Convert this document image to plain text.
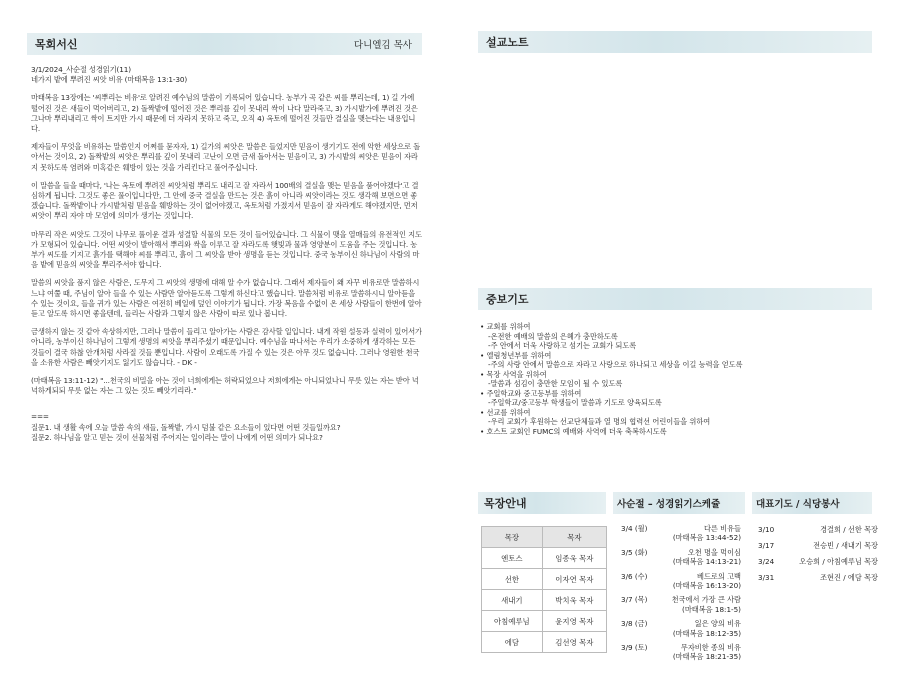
목회서신	다니엘김 목사
3/1/2024_사순절 성경읽기(11)
네가지 밭에 뿌려진 씨앗 비유 (마태복음 13:1-30)

마태복음 13장에는 '씨뿌리는 비유'로 알려진 예수님의 말씀이 기록되어 있습니다. 농부가 곡 같은 씨를 뿌리는데, 1) 길 가에 떨어진 것은 새들이 먹어버리고, 2) 돌짝밭에 떨어진 것은 뿌리를 깊이 못내리 싹이 나다 말라죽고, 3) 가시밭가에 뿌려진 것은 그나마 뿌리내리고 싹이 트지만 가시 때문에 더 자라지 못하고 죽고, 오직 4) 옥토에 떨어진 것들만 결실을 맺는다는 내용입니다.

제자들이 무엇을 비유하는 말씀인지 어쩌를 묻자자, 1) 길가의 씨앗은 말씀은 들었지만 믿음이 생기기도 전에 악한 세상으로 돌아서는 것이요, 2) 돌짝밭의 씨앗은 뿌리를 깊이 못내리 고난이 오면 금새 돌아서는 믿음이고, 3) 가시밭의 씨앗은 믿음이 자라지 못하도록 염려와 미혹같은 훼방이 있는 것을 가리킨다고 풀어주십니다.

이 말씀을 들을 때마다, '나는 옥토에 뿌려진 씨앗처럼 뿌리도 내리고 잘 자라서 100배의 결실을 맺는 믿음을 품어야겠다'고 결심하게 됩니다. 그것도 좋은 풀이입니다만, 그 안에 중국 결실을 만드는 것은 흙이 아니라 씨앗이라는 것도 생각해 보면으면 좋겠습니다. 돌짝밭이나 가시밭처럼 믿음을 훼방하는 것이 없어야겠고, 옥토처럼 가졌지서 믿음이 잘 자라게도 해야겠지만, 먼저 씨앗이 뿌리 자야 마 모엄에 의미가 생기는 것입니다.

마무리 작은 씨앗도 그것이 나무로 풀이운 결과 성결할 식물의 모든 것이 들어있습니다. 그 식물이 맺을 열매들의 유전적인 지도가 모형되어 있습니다. 어떤 씨앗이 발아해서 뿌리와 싹을 이루고 잘 자라도록 햇빛과 물과 영양분이 도움을 주는 것입니다. 농부가 씨도를 기지고 흙가를 택해야 씨를 뿌리고, 흙이 그 씨앗을 받아 생명을 듣는 것입니다. 중국 농부이신 하나님이 사람의 마음 밭에 믿음의 씨앗을 뿌리주서야 합니다.

말씀의 씨앗을 품지 않은 사람은, 도무지 그 씨앗의 생명에 대해 알 수가 없습니다. 그래서 제자들이 왜 자꾸 비유로만 말씀하시느냐 여쭐 때, 주님이 알아 들을 수 있는 사람만 알아듣도록 그렇게 하신다고 했습니다. 말씀처럼 비유로 말씀하시니 알아듣을 수 있는 것이요, 들을 귀가 있는 사람은 여전히 베일에 덮인 이야기가 됩니다. 가장 복음을 수없이 온 세상 사람들이 한번에 알아듣고 알도록 하시면 좋을텐데, 들리는 사람과 그렇지 않은 사람이 따로 있나 봅니다.

금생하지 않는 것 같아 속상하지만, 그러나 말씀이 들리고 알아가는 사람은 감사할 일입니다. 내게 작원 설동과 실력이 있어서가 아니라, 농부이신 하나님이 그렇게 생명의 씨앗을 뿌리주셨기 때문입니다. 예수님을 따나서는 우리가 소중하게 생각하는 모든 것들이 결국 하찮 안개처럼 사라질 것들 뿐입니다. 사람이 오래도록 가질 수 있는 것은 아무 것도 없습니다. 그러나 영원한 천국을 소유한 사람은 빼앗기지도 잃기도 않습니다. - DK -

(마태복음 13:11-12) "...천국의 비밀을 아는 것이 너희에게는 허락되었으나 저희에게는 아니되었나니 무릇 있는 자는 받아 넉넉하게되되 무릇 없는 자는 그 있는 것도 빼앗기리라."

===
질문1. 내 생활 속에 오늘 말씀 속의 새들, 돌짝밭, 가시 덤불 같은 요소들이 있다면 어떤 것들일까요?
질문2. 하나님을 알고 믿는 것이 선물처럼 주어지는 일이라는 말이 나에게 어떤 의미가 되나요?
설교노트
중보기도
• 교회를 위하여
-온전한 예배의 말씀의 은혜가 충만하도록
-주 안에서 더욱 사랑하고 섬기는 교회가 되도록
• 엘림청년부를 위하여
-주의 사랑 안에서 말씀으로 자라고 사랑으로 하나되고 세상을 이길 능력을 얻도록
• 목장 사역을 위하여
-말씀과 섬김이 충만한 모임이 될 수 있도록
• 주일학교와 중고등부를 위하여
-주일학교/중고등부 학생들이 말씀과 기도로 양육되도록
• 선교를 위하여
-우리 교회가 후원하는 선교단체들과 열 명의 협력선 어린이들을 위하여
• 호스트 교회인 FUMC의 예배와 사역에 더욱 축복하시도록
목장안내
목장	목자
엔토스	임종욱 목자
선한	이자연 목자
새내기	박치욱 목자
아침예루님	윤지영 목자
에담	김선영 목자
사순절 – 성경읽기스케쥴
3/4 (월)	다른 비유들
(마태복음 13:44-52)
3/5 (화)	오천 명을 먹이심
(마태복음 14:13-21)
3/6 (수)	베드로의 고백
(마태복음 16:13-20)
3/7 (목)	천국에서 가장 큰 사람
(마태복음 18:1-5)
3/8 (금)	잃은 양의 비유
(마태복음 18:12-35)
3/9 (토)	무자비한 종의 비유
(마태복음 18:21-35)
대표기도 / 식당봉사
3/10	경결희 / 선한 목장
3/17	전승빈 / 새내기 목장
3/24	오승희 / 아침예루님 목장
3/31	조현진 / 에담 목장
